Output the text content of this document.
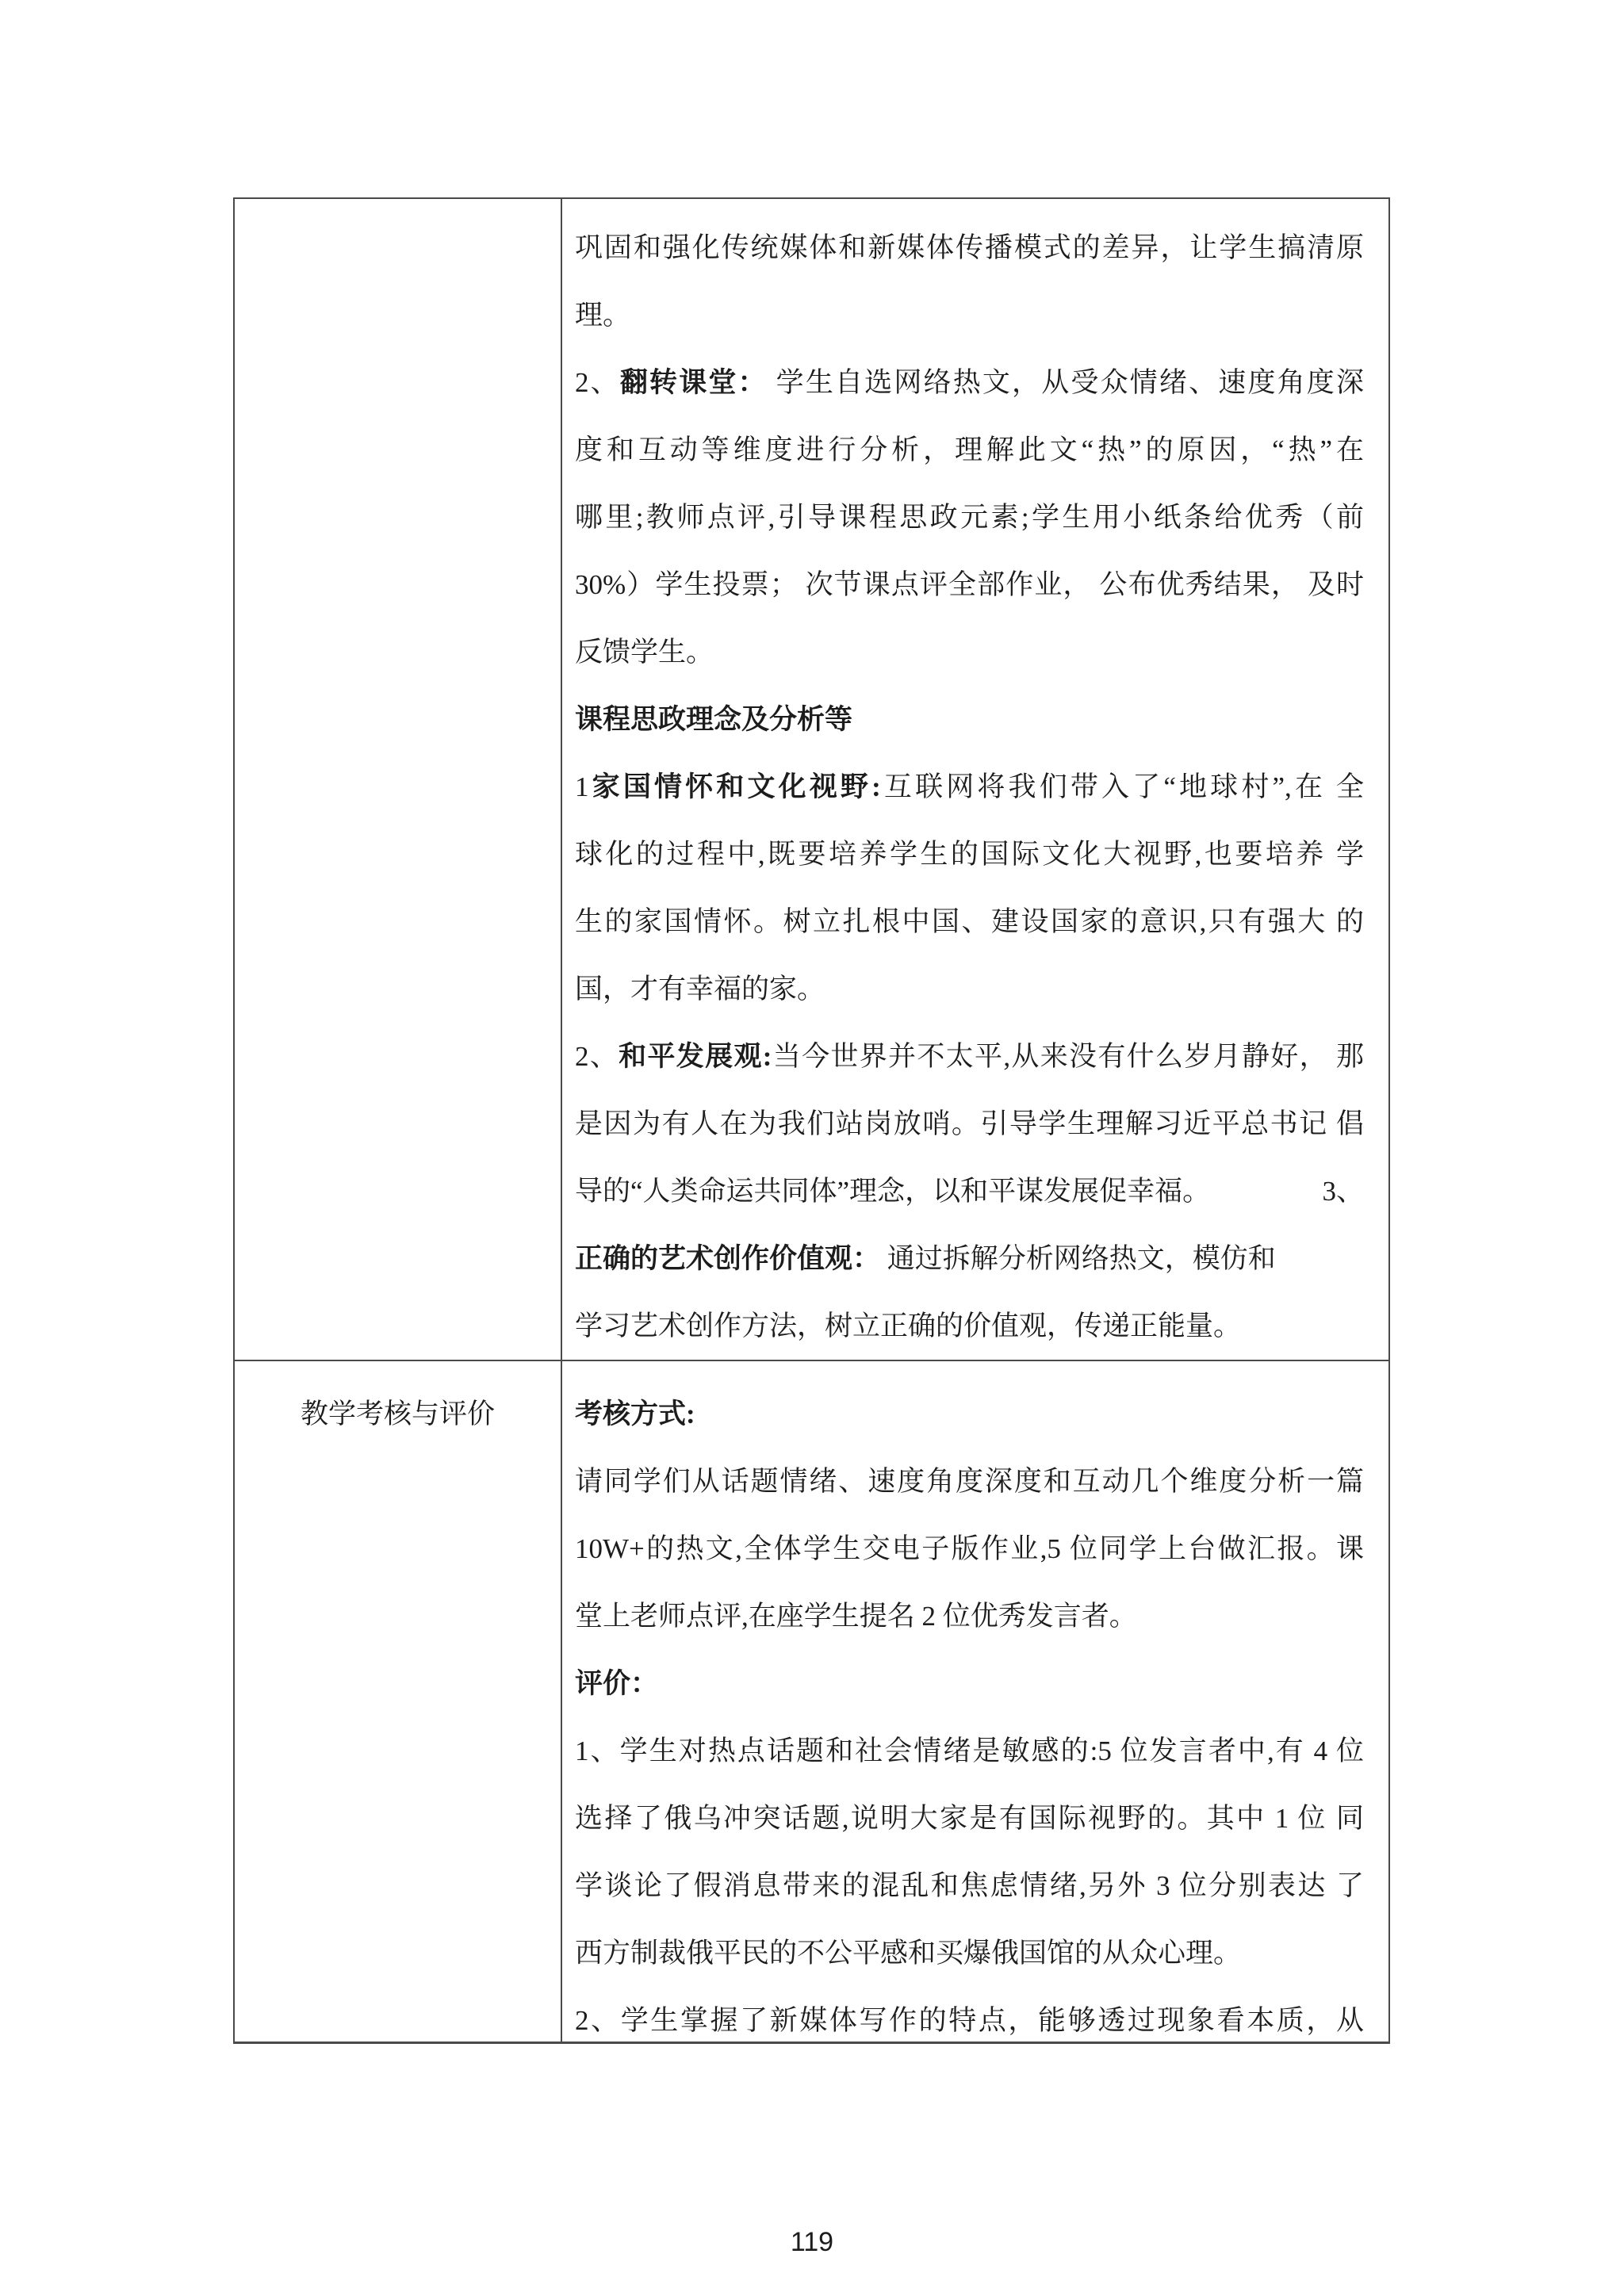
巩固和强化传统媒体和新媒体传播模式的差异，让学生搞清原
理。
2、翻转课堂： 学生自选网络热文，从受众情绪、速度角度深
度和互动等维度进行分析，理解此文“热”的原因，“热”在
哪里;教师点评,引导课程思政元素;学生用小纸条给优秀（前
30%）学生投票； 次节课点评全部作业， 公布优秀结果， 及时
反馈学生。
课程思政理念及分析等
1家国情怀和文化视野:互联网将我们带入了“地球村”,在 全
球化的过程中,既要培养学生的国际文化大视野,也要培养 学
生的家国情怀。树立扎根中国、建设国家的意识,只有强大 的
国，才有幸福的家。
2、和平发展观:当今世界并不太平,从来没有什么岁月静好， 那
是因为有人在为我们站岗放哨。引导学生理解习近平总书记 倡
导的“人类命运共同体”理念，以和平谋发展促幸福。	3、
正确的艺术创作价值观： 通过拆解分析网络热文，模仿和
学习艺术创作方法，树立正确的价值观，传递正能量。
教学考核与评价	考核方式:
请同学们从话题情绪、速度角度深度和互动几个维度分析一篇
10W+的热文,全体学生交电子版作业,5 位同学上台做汇报。课
堂上老师点评,在座学生提名 2 位优秀发言者。
评价：
1、学生对热点话题和社会情绪是敏感的:5 位发言者中,有 4 位
选择了俄乌冲突话题,说明大家是有国际视野的。其中 1 位 同
学谈论了假消息带来的混乱和焦虑情绪,另外 3 位分别表达 了
西方制裁俄平民的不公平感和买爆俄国馆的从众心理。
2、学生掌握了新媒体写作的特点，能够透过现象看本质，从
119
